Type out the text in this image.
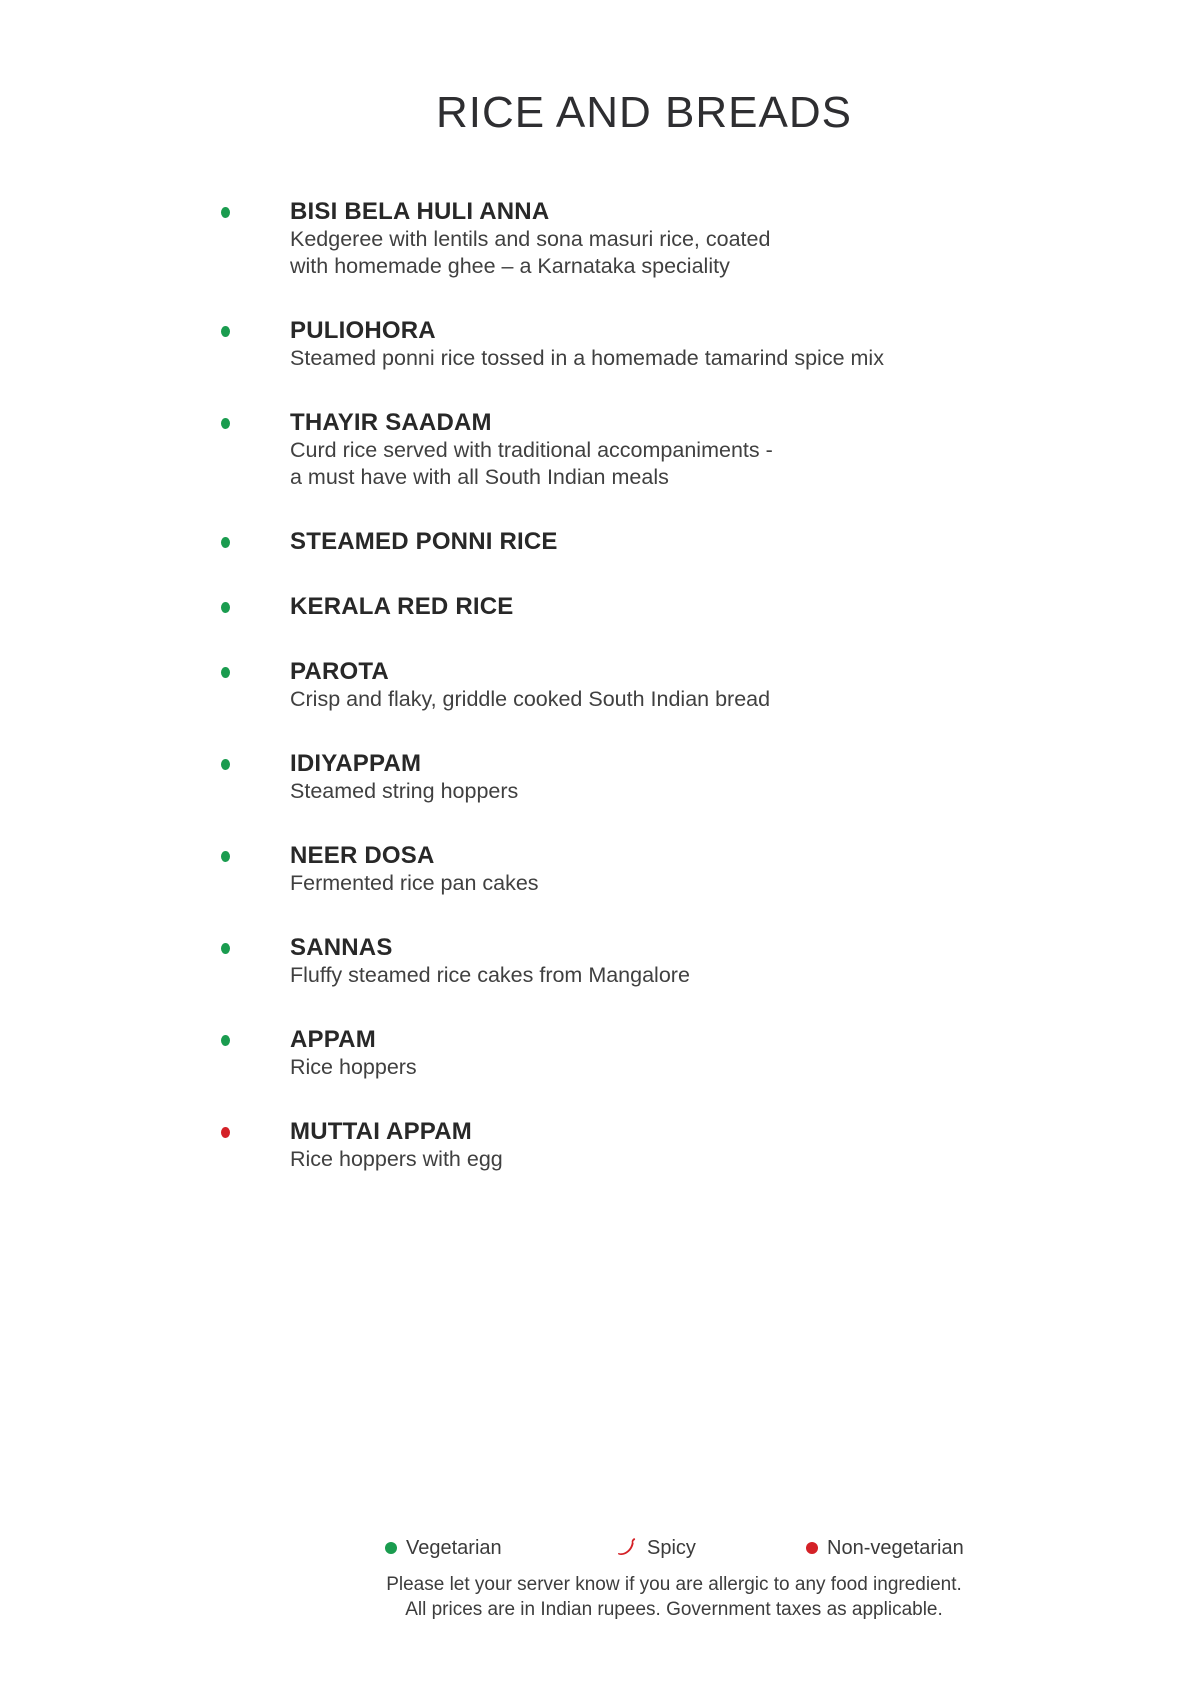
RICE AND BREADS
BISI BELA HULI ANNA
Kedgeree with lentils and sona masuri rice, coated
with homemade ghee – a Karnataka speciality
PULIOHORA
Steamed ponni rice tossed in a homemade tamarind spice mix
THAYIR SAADAM
Curd rice served with traditional accompaniments -
a must have with all South Indian meals
STEAMED PONNI RICE
KERALA RED RICE
PAROTA
Crisp and flaky, griddle cooked South Indian bread
IDIYAPPAM
Steamed string hoppers
NEER DOSA
Fermented rice pan cakes
SANNAS
Fluffy steamed rice cakes from Mangalore
APPAM
Rice hoppers
MUTTAI APPAM
Rice hoppers with egg
Vegetarian	Spicy	Non-vegetarian
Please let your server know if you are allergic to any food ingredient.
All prices are in Indian rupees. Government taxes as applicable.
